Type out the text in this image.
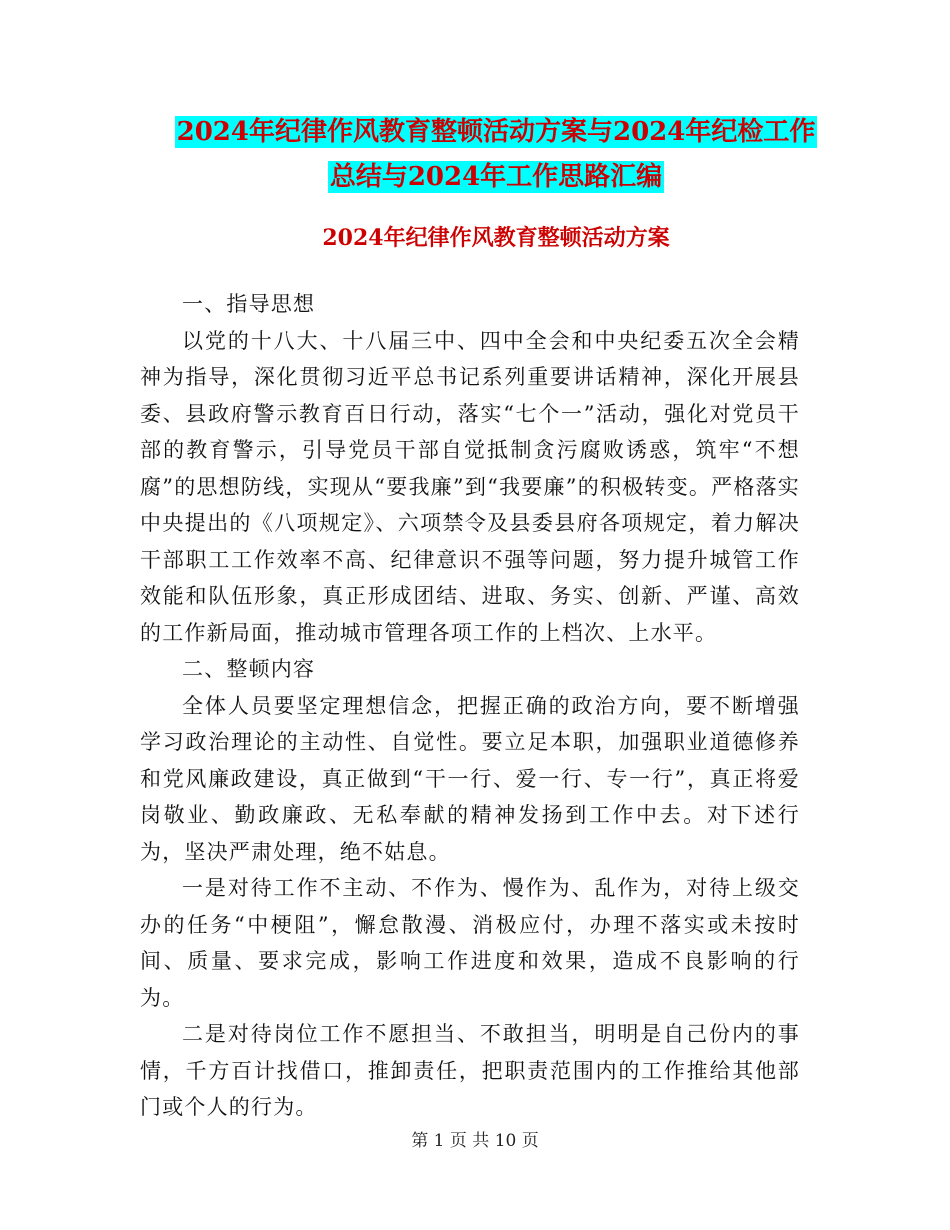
2024年纪律作风教育整顿活动方案与2024年纪检工作
总结与2024年工作思路汇编
2024年纪律作风教育整顿活动方案

一、指导思想

以党的十八大、十八届三中、四中全会和中央纪委五次全会精神为指导，深化贯彻习近平总书记系列重要讲话精神，深化开展县委、县政府警示教育百日行动，落实“七个一”活动，强化对党员干部的教育警示，引导党员干部自觉抵制贪污腐败诱惑，筑牢“不想腐”的思想防线，实现从“要我廉”到“我要廉”的积极转变。严格落实中央提出的《八项规定》、六项禁令及县委县府各项规定，着力解决干部职工工作效率不高、纪律意识不强等问题，努力提升城管工作效能和队伍形象，真正形成团结、进取、务实、创新、严谨、高效的工作新局面，推动城市管理各项工作的上档次、上水平。

二、整顿内容

全体人员要坚定理想信念，把握正确的政治方向，要不断增强学习政治理论的主动性、自觉性。要立足本职，加强职业道德修养和党风廉政建设，真正做到“干一行、爱一行、专一行”，真正将爱岗敬业、勤政廉政、无私奉献的精神发扬到工作中去。对下述行为，坚决严肃处理，绝不姑息。

一是对待工作不主动、不作为、慢作为、乱作为，对待上级交办的任务“中梗阻”，懈怠散漫、消极应付，办理不落实或未按时间、质量、要求完成，影响工作进度和效果，造成不良影响的行为。

二是对待岗位工作不愿担当、不敢担当，明明是自己份内的事情，千方百计找借口，推卸责任，把职责范围内的工作推给其他部门或个人的行为。

第 1 页 共 10 页
